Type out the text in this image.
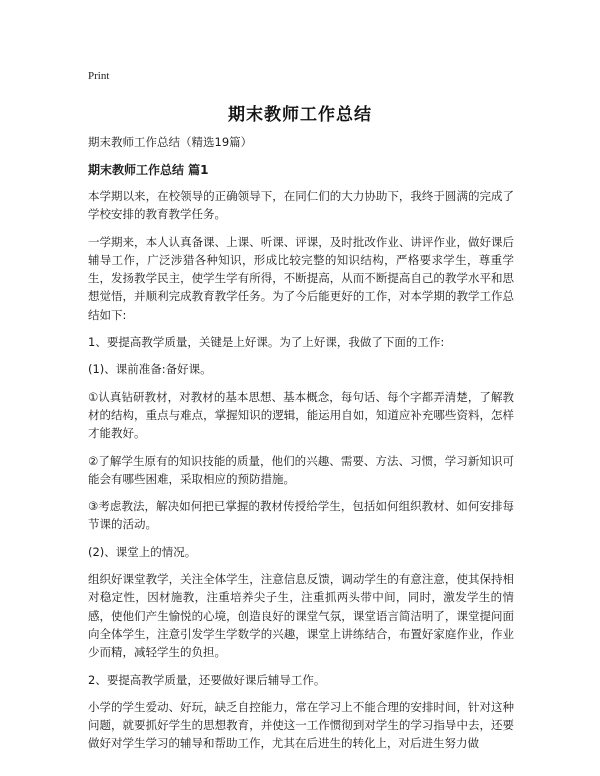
Print
期末教师工作总结

期末教师工作总结（精选19篇）

期末教师工作总结 篇1

本学期以来，在校领导的正确领导下，在同仁们的大力协助下，我终于圆满的完成了学校安排的教育教学任务。

一学期来，本人认真备课、上课、听课、评课，及时批改作业、讲评作业，做好课后辅导工作，广泛涉猎各种知识，形成比较完整的知识结构，严格要求学生，尊重学生，发扬教学民主，使学生学有所得，不断提高，从而不断提高自己的教学水平和思想觉悟，并顺利完成教育教学任务。为了今后能更好的工作，对本学期的教学工作总结如下:

1、要提高教学质量，关键是上好课。为了上好课，我做了下面的工作:

(1)、课前准备:备好课。

①认真钻研教材，对教材的基本思想、基本概念，每句话、每个字都弄清楚，了解教材的结构，重点与难点，掌握知识的逻辑，能运用自如，知道应补充哪些资料，怎样才能教好。

②了解学生原有的知识技能的质量，他们的兴趣、需要、方法、习惯，学习新知识可能会有哪些困难，采取相应的预防措施。

③考虑教法，解决如何把已掌握的教材传授给学生，包括如何组织教材、如何安排每节课的活动。

(2)、课堂上的情况。

组织好课堂教学，关注全体学生，注意信息反馈，调动学生的有意注意，使其保持相对稳定性，因材施教，注重培养尖子生，注重抓两头带中间，同时，激发学生的情感，使他们产生愉悦的心境，创造良好的课堂气氛，课堂语言简洁明了，课堂提问面向全体学生，注意引发学生学数学的兴趣，课堂上讲练结合，布置好家庭作业，作业少而精，减轻学生的负担。

2、要提高教学质量，还要做好课后辅导工作。

小学的学生爱动、好玩，缺乏自控能力，常在学习上不能合理的安排时间，针对这种问题，就要抓好学生的思想教育，并使这一工作惯彻到对学生的学习指导中去，还要做好对学生学习的辅导和帮助工作，尤其在后进生的转化上，对后进生努力做
